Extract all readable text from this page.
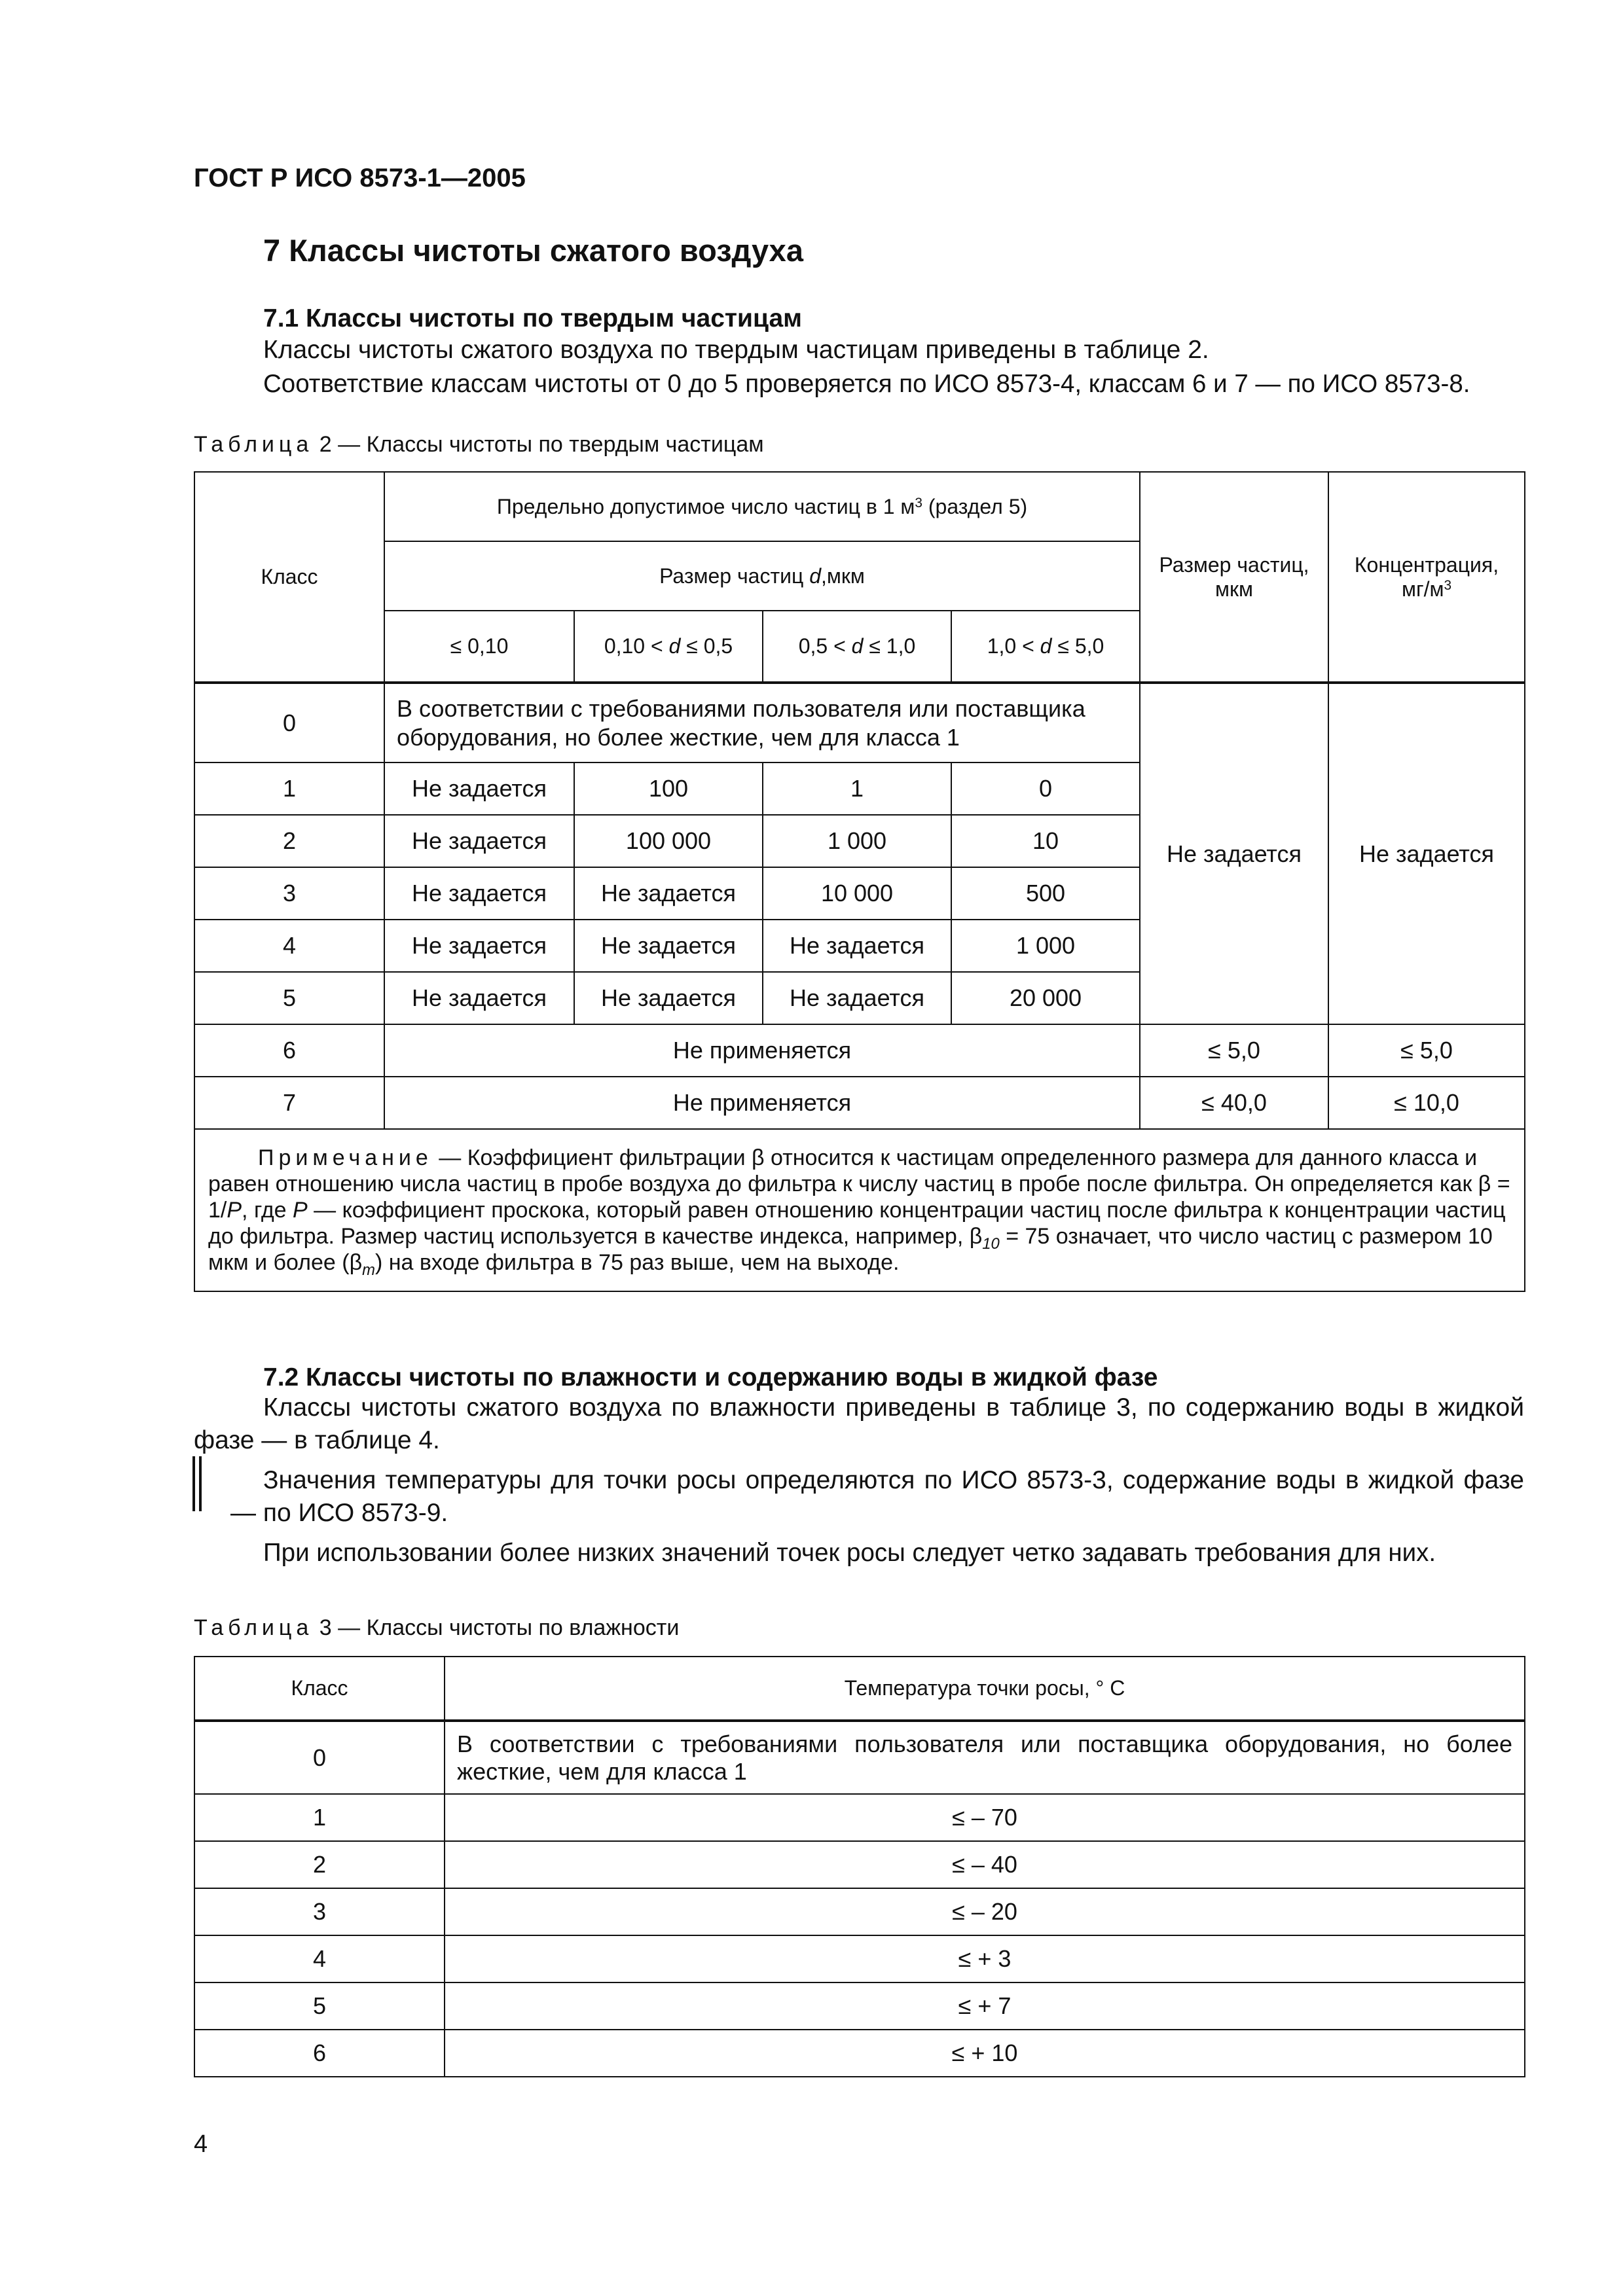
ГОСТ Р ИСО 8573-1—2005
7 Классы чистоты сжатого воздуха
7.1 Классы чистоты по твердым частицам
Классы чистоты сжатого воздуха по твердым частицам приведены в таблице 2.
Соответствие классам чистоты от 0 до 5 проверяется по ИСО 8573-4, классам 6 и 7 — по ИСО 8573-8.
Таблица 2 — Классы чистоты по твердым частицам
Класс	Предельно допустимое число частиц в 1 $м^3$ (раздел 5)				Размер частиц, мкм	Концентрация, $мг/м^3$
	Размер частиц d,мкм					
	≤ 0,10	0,10 < d ≤ 0,5	0,5 < d ≤ 1,0	1,0 < d ≤ 5,0		
0	В соответствии с требованиями пользователя или поставщика оборудования, но более жесткие, чем для класса 1				Не задается	Не задается
1	Не задается	100	1	0		
2	Не задается	100 000	1 000	10		
3	Не задается	Не задается	10 000	500		
4	Не задается	Не задается	Не задается	1 000		
5	Не задается	Не задается	Не задается	20 000		
6	Не применяется				≤ 5,0	≤ 5,0
7	Не применяется				≤ 40,0	≤ 10,0
Примечание — Коэффициент фильтрации β относится к частицам определенного размера для данного класса и равен отношению числа частиц в пробе воздуха до фильтра к числу частиц в пробе после фильтра. Он определяется как β = 1/P, где P — коэффициент проскока, который равен отношению концентрации частиц после фильтра к концентрации частиц до фильтра. Размер частиц используется в качестве индекса, например, $\beta_{10} = 75$ означает, что число частиц с размером 10 мкм и более $(\beta_m)$ на входе фильтра в 75 раз выше, чем на выходе.						
7.2 Классы чистоты по влажности и содержанию воды в жидкой фазе
Классы чистоты сжатого воздуха по влажности приведены в таблице 3, по содержанию воды в жидкой фазе — в таблице 4.
Значения температуры для точки росы определяются по ИСО 8573-3, содержание воды в жидкой фазе — по ИСО 8573-9.
При использовании более низких значений точек росы следует четко задавать требования для них.
Таблица 3 — Классы чистоты по влажности
Класс	Температура точки росы, ° С
0	В соответствии с требованиями пользователя или поставщика оборудования, но более жесткие, чем для класса 1
1	≤ – 70
2	≤ – 40
3	≤ – 20
4	≤ + 3
5	≤ + 7
6	≤ + 10
4
